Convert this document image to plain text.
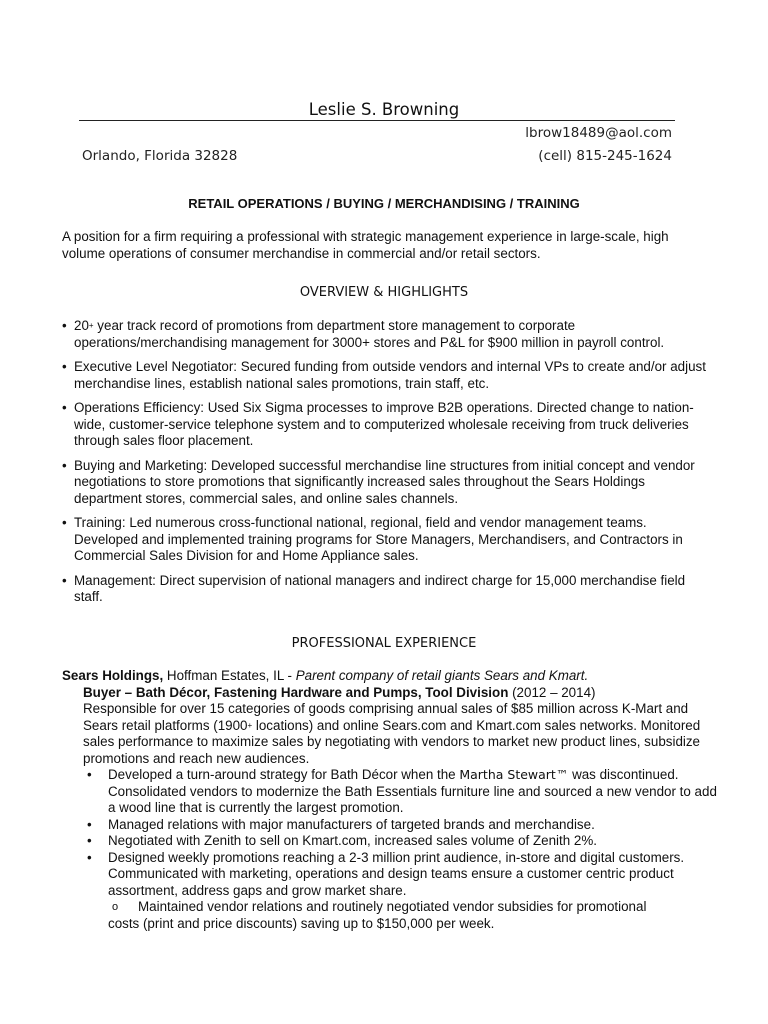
Leslie S. Browning
lbrow18489@aol.com
Orlando, Florida 32828	(cell) 815-245-1624
RETAIL OPERATIONS / BUYING / MERCHANDISING / TRAINING
A position for a firm requiring a professional with strategic management experience in large-scale, high volume operations of consumer merchandise in commercial and/or retail sectors.
OVERVIEW & HIGHLIGHTS
• 20+ year track record of promotions from department store management to corporate operations/merchandising management for 3000+ stores and P&L for $900 million in payroll control.
• Executive Level Negotiator: Secured funding from outside vendors and internal VPs to create and/or adjust merchandise lines, establish national sales promotions, train staff, etc.
• Operations Efficiency: Used Six Sigma processes to improve B2B operations. Directed change to nation-wide, customer-service telephone system and to computerized wholesale receiving from truck deliveries through sales floor placement.
• Buying and Marketing: Developed successful merchandise line structures from initial concept and vendor negotiations to store promotions that significantly increased sales throughout the Sears Holdings department stores, commercial sales, and online sales channels.
• Training: Led numerous cross-functional national, regional, field and vendor management teams. Developed and implemented training programs for Store Managers, Merchandisers, and Contractors in Commercial Sales Division for and Home Appliance sales.
• Management: Direct supervision of national managers and indirect charge for 15,000 merchandise field staff.
PROFESSIONAL EXPERIENCE
Sears Holdings, Hoffman Estates, IL - Parent company of retail giants Sears and Kmart.
Buyer – Bath Décor, Fastening Hardware and Pumps, Tool Division (2012 – 2014)
Responsible for over 15 categories of goods comprising annual sales of $85 million across K-Mart and Sears retail platforms (1900+ locations) and online Sears.com and Kmart.com sales networks. Monitored sales performance to maximize sales by negotiating with vendors to market new product lines, subsidize promotions and reach new audiences.
• Developed a turn-around strategy for Bath Décor when the Martha Stewart™ was discontinued. Consolidated vendors to modernize the Bath Essentials furniture line and sourced a new vendor to add a wood line that is currently the largest promotion.
• Managed relations with major manufacturers of targeted brands and merchandise.
• Negotiated with Zenith to sell on Kmart.com, increased sales volume of Zenith 2%.
• Designed weekly promotions reaching a 2-3 million print audience, in-store and digital customers. Communicated with marketing, operations and design teams ensure a customer centric product assortment, address gaps and grow market share.
o	Maintained vendor relations and routinely negotiated vendor subsidies for promotional
costs (print and price discounts) saving up to $150,000 per week.
